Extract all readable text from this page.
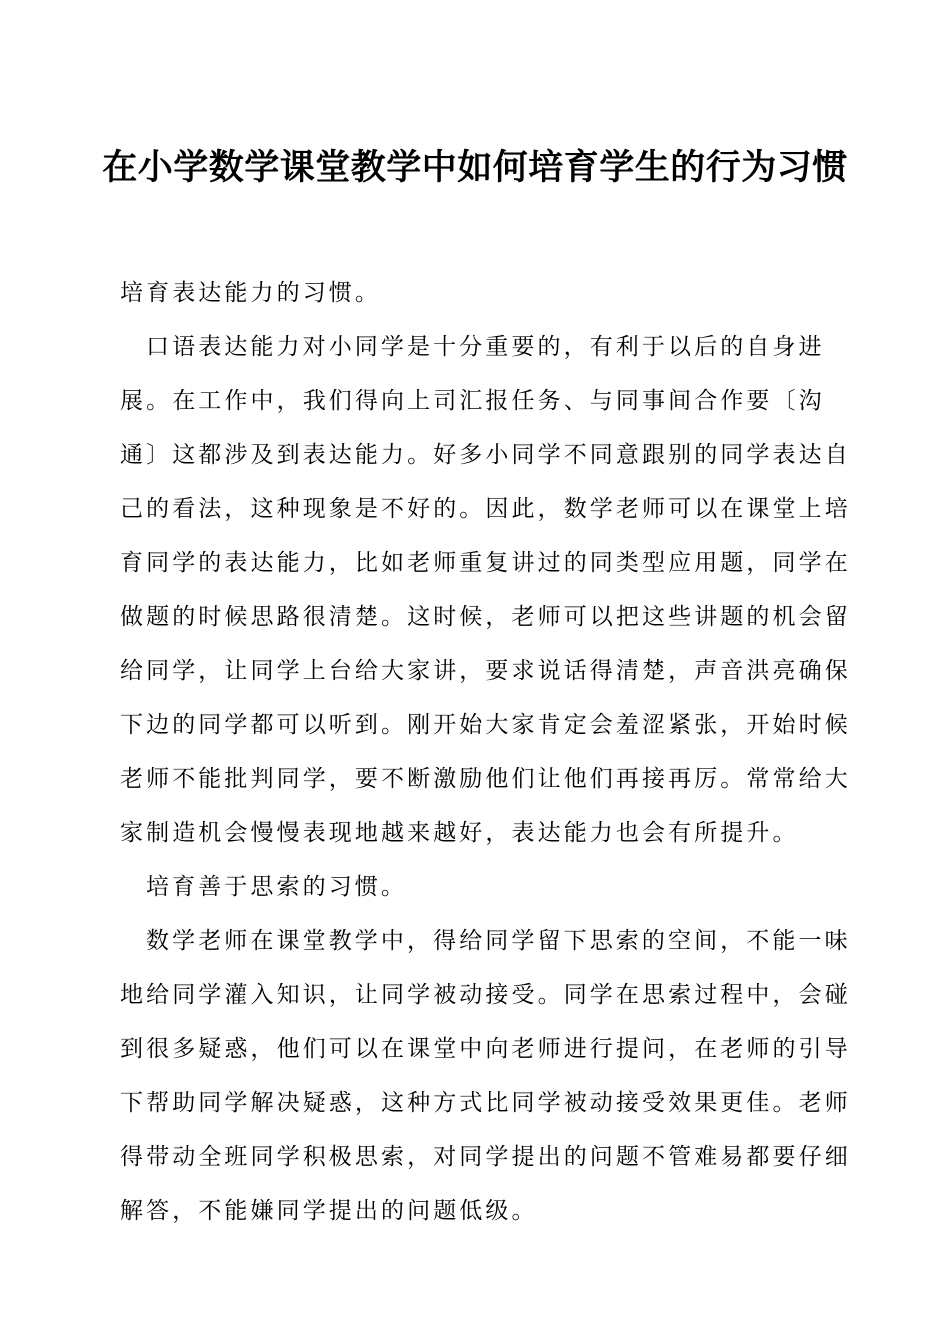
在小学数学课堂教学中如何培育学生的行为习惯

培育表达能力的习惯。

口语表达能力对小同学是十分重要的，有利于以后的自身进展。在工作中，我们得向上司汇报任务、与同事间合作要〔沟通〕这都涉及到表达能力。好多小同学不同意跟别的同学表达自己的看法，这种现象是不好的。因此，数学老师可以在课堂上培育同学的表达能力，比如老师重复讲过的同类型应用题，同学在做题的时候思路很清楚。这时候，老师可以把这些讲题的机会留给同学，让同学上台给大家讲，要求说话得清楚，声音洪亮确保下边的同学都可以听到。刚开始大家肯定会羞涩紧张，开始时候老师不能批判同学，要不断激励他们让他们再接再厉。常常给大家制造机会慢慢表现地越来越好，表达能力也会有所提升。

培育善于思索的习惯。

数学老师在课堂教学中，得给同学留下思索的空间，不能一味地给同学灌入知识，让同学被动接受。同学在思索过程中，会碰到很多疑惑，他们可以在课堂中向老师进行提问，在老师的引导下帮助同学解决疑惑，这种方式比同学被动接受效果更佳。老师得带动全班同学积极思索，对同学提出的问题不管难易都要仔细解答，不能嫌同学提出的问题低级。
